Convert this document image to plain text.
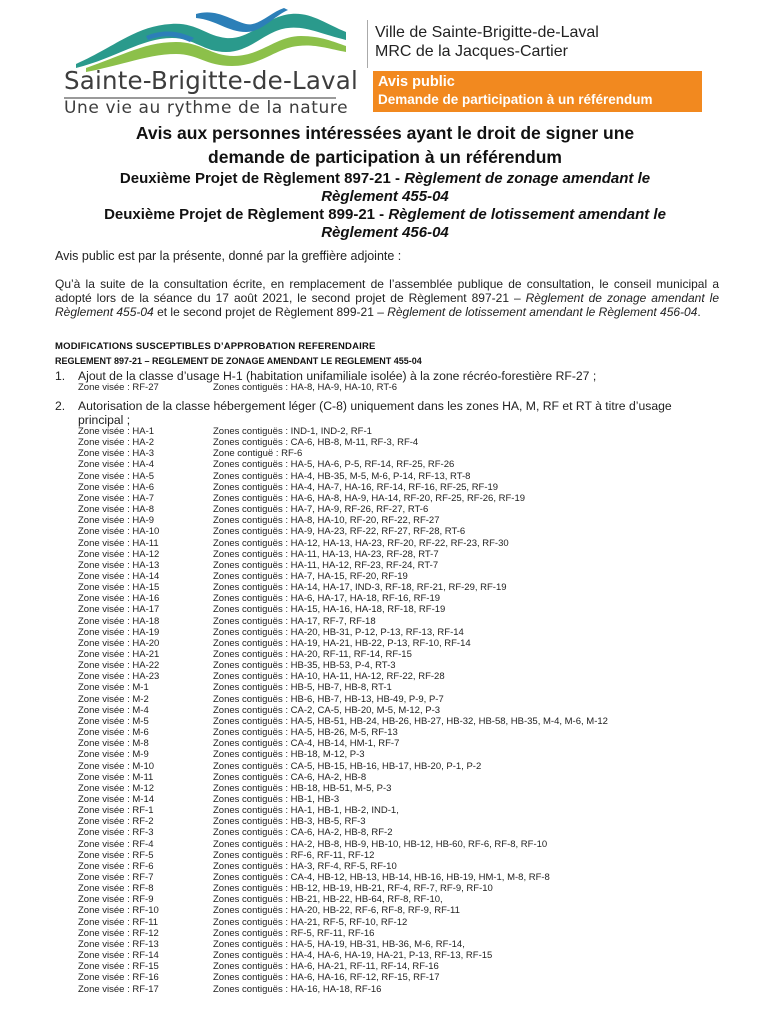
Sainte-Brigitte-de-Laval
Une vie au rythme de la nature
Ville de Sainte-Brigitte-de-Laval
MRC de la Jacques-Cartier
Avis public
Demande de participation à un référendum
Avis aux personnes intéressées ayant le droit de signer une
demande de participation à un référendum
Deuxième Projet de Règlement 897-21 - Règlement de zonage amendant le
Règlement 455-04
Deuxième Projet de Règlement 899-21 - Règlement de lotissement amendant le
Règlement 456-04
Avis public est par la présente, donné par la greffière adjointe :
Qu’à la suite de la consultation écrite, en remplacement de l’assemblée publique de consultation, le conseil municipal a adopté lors de la séance du 17 août 2021, le second projet de Règlement 897-21 – Règlement de zonage amendant le Règlement 455-04 et le second projet de Règlement 899-21 – Règlement de lotissement amendant le Règlement 456-04.
MODIFICATIONS SUSCEPTIBLES D’APPROBATION REFERENDAIRE
REGLEMENT 897-21 – REGLEMENT DE ZONAGE AMENDANT LE REGLEMENT 455-04
1. Ajout de la classe d’usage H-1 (habitation unifamiliale isolée) à la zone récréo-forestière RF-27 ;
Zone visée : RF-27	Zones contiguës : HA-8, HA-9, HA-10, RT-6
2. Autorisation de la classe hébergement léger (C-8) uniquement dans les zones HA, M, RF et RT à titre d’usage principal ;
Zone visée : HA-1	Zones contiguës : IND-1, IND-2, RF-1
Zone visée : HA-2	Zones contiguës : CA-6, HB-8, M-11, RF-3, RF-4
Zone visée : HA-3	Zone contiguë : RF-6
Zone visée : HA-4	Zones contiguës : HA-5, HA-6, P-5, RF-14, RF-25, RF-26
Zone visée : HA-5	Zones contiguës : HA-4, HB-35, M-5, M-6, P-14, RF-13, RT-8
Zone visée : HA-6	Zones contiguës : HA-4, HA-7, HA-16, RF-14, RF-16, RF-25, RF-19
Zone visée : HA-7	Zones contiguës : HA-6, HA-8, HA-9, HA-14, RF-20, RF-25, RF-26, RF-19
Zone visée : HA-8	Zones contiguës : HA-7, HA-9, RF-26, RF-27, RT-6
Zone visée : HA-9	Zones contiguës : HA-8, HA-10, RF-20, RF-22, RF-27
Zone visée : HA-10	Zones contiguës : HA-9, HA-23, RF-22, RF-27, RF-28, RT-6
Zone visée : HA-11	Zones contiguës : HA-12, HA-13, HA-23, RF-20, RF-22, RF-23, RF-30
Zone visée : HA-12	Zones contiguës : HA-11, HA-13, HA-23, RF-28, RT-7
Zone visée : HA-13	Zones contiguës : HA-11, HA-12, RF-23, RF-24, RT-7
Zone visée : HA-14	Zones contiguës : HA-7, HA-15, RF-20, RF-19
Zone visée : HA-15	Zones contiguës : HA-14, HA-17, IND-3, RF-18, RF-21, RF-29, RF-19
Zone visée : HA-16	Zones contiguës : HA-6, HA-17, HA-18, RF-16, RF-19
Zone visée : HA-17	Zones contiguës : HA-15, HA-16, HA-18, RF-18, RF-19
Zone visée : HA-18	Zones contiguës : HA-17, RF-7, RF-18
Zone visée : HA-19	Zones contiguës : HA-20, HB-31, P-12, P-13, RF-13, RF-14
Zone visée : HA-20	Zones contiguës : HA-19, HA-21, HB-22, P-13, RF-10, RF-14
Zone visée : HA-21	Zones contiguës : HA-20, RF-11, RF-14, RF-15
Zone visée : HA-22	Zones contiguës : HB-35, HB-53, P-4, RT-3
Zone visée : HA-23	Zones contiguës : HA-10, HA-11, HA-12, RF-22, RF-28
Zone visée : M-1	Zones contiguës : HB-5, HB-7, HB-8, RT-1
Zone visée : M-2	Zones contiguës : HB-6, HB-7, HB-13, HB-49, P-9, P-7
Zone visée : M-4	Zones contiguës : CA-2, CA-5, HB-20, M-5, M-12, P-3
Zone visée : M-5	Zones contiguës : HA-5, HB-51, HB-24, HB-26, HB-27, HB-32, HB-58, HB-35, M-4, M-6, M-12
Zone visée : M-6	Zones contiguës : HA-5, HB-26, M-5, RF-13
Zone visée : M-8	Zones contiguës : CA-4, HB-14, HM-1, RF-7
Zone visée : M-9	Zones contiguës : HB-18, M-12, P-3
Zone visée : M-10	Zones contiguës : CA-5, HB-15, HB-16, HB-17, HB-20, P-1, P-2
Zone visée : M-11	Zones contiguës : CA-6, HA-2, HB-8
Zone visée : M-12	Zones contiguës : HB-18, HB-51, M-5, P-3
Zone visée : M-14	Zones contiguës : HB-1, HB-3
Zone visée : RF-1	Zones contiguës : HA-1, HB-1, HB-2, IND-1,
Zone visée : RF-2	Zones contiguës : HB-3, HB-5, RF-3
Zone visée : RF-3	Zones contiguës : CA-6, HA-2, HB-8, RF-2
Zone visée : RF-4	Zones contiguës : HA-2, HB-8, HB-9, HB-10, HB-12, HB-60, RF-6, RF-8, RF-10
Zone visée : RF-5	Zones contiguës : RF-6, RF-11, RF-12
Zone visée : RF-6	Zones contiguës : HA-3, RF-4, RF-5, RF-10
Zone visée : RF-7	Zones contiguës : CA-4, HB-12, HB-13, HB-14, HB-16, HB-19, HM-1, M-8, RF-8
Zone visée : RF-8	Zones contiguës : HB-12, HB-19, HB-21, RF-4, RF-7, RF-9, RF-10
Zone visée : RF-9	Zones contiguës : HB-21, HB-22, HB-64, RF-8, RF-10,
Zone visée : RF-10	Zones contiguës : HA-20, HB-22, RF-6, RF-8, RF-9, RF-11
Zone visée : RF-11	Zones contiguës : HA-21, RF-5, RF-10, RF-12
Zone visée : RF-12	Zones contiguës : RF-5, RF-11, RF-16
Zone visée : RF-13	Zones contiguës : HA-5, HA-19, HB-31, HB-36, M-6, RF-14,
Zone visée : RF-14	Zones contiguës : HA-4, HA-6, HA-19, HA-21, P-13, RF-13, RF-15
Zone visée : RF-15	Zones contiguës : HA-6, HA-21, RF-11, RF-14, RF-16
Zone visée : RF-16	Zones contiguës : HA-6, HA-16, RF-12, RF-15, RF-17
Zone visée : RF-17	Zones contiguës : HA-16, HA-18, RF-16
